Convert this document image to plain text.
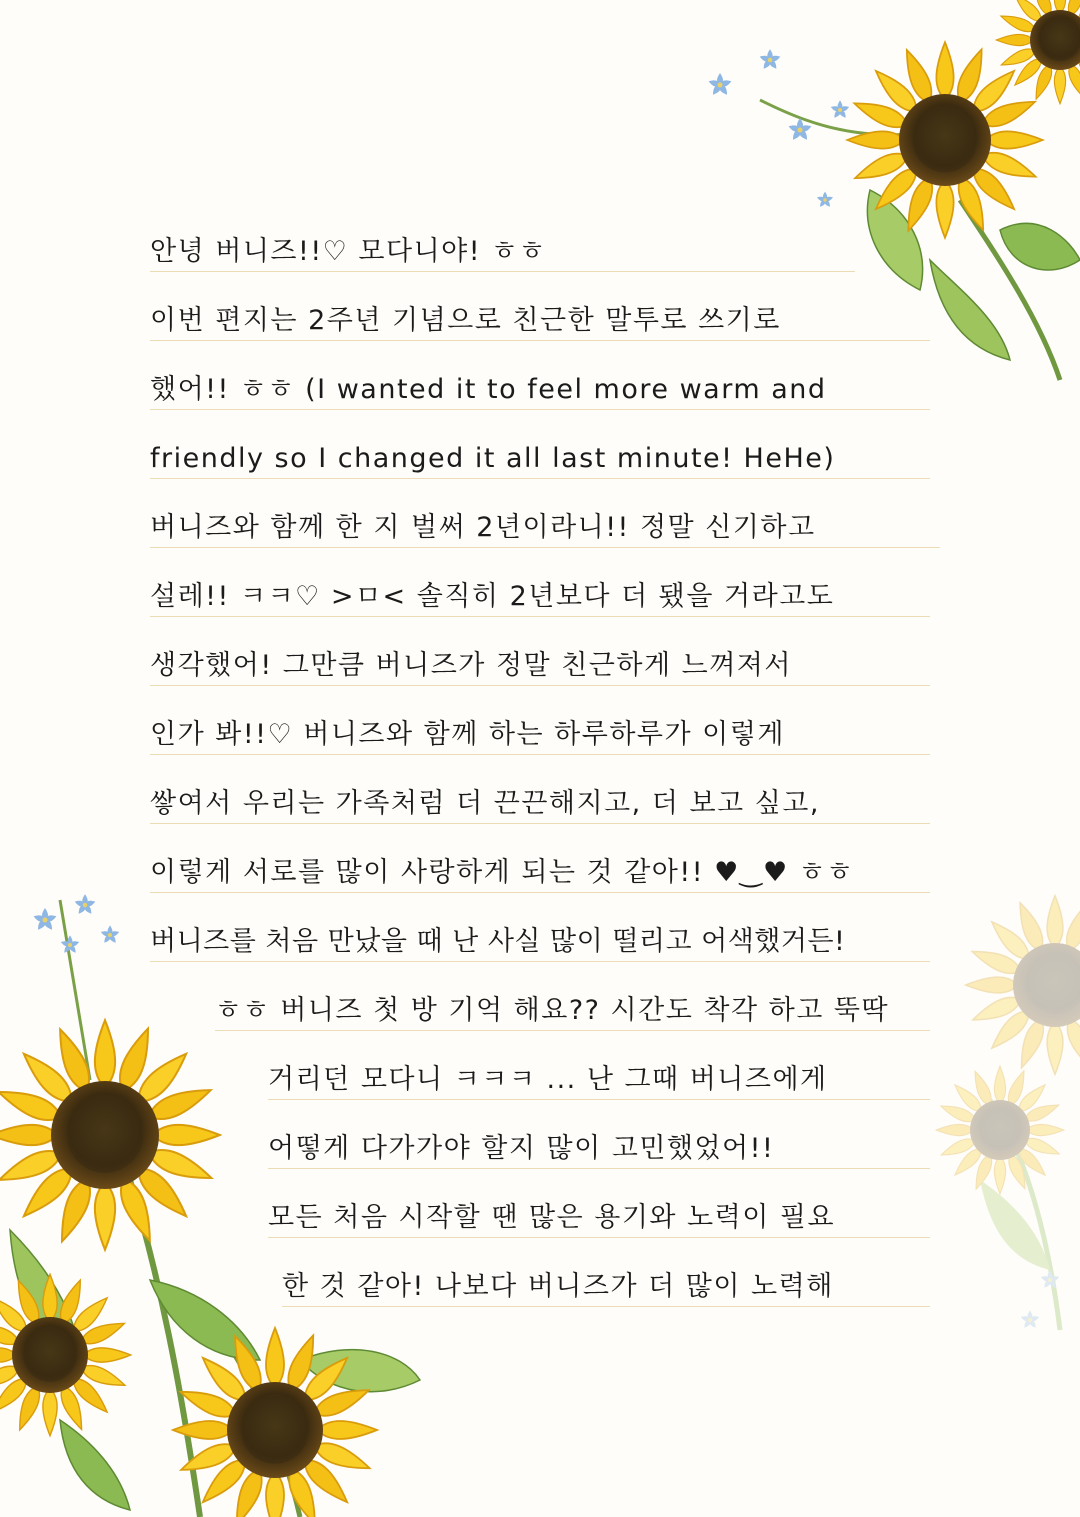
안녕 버니즈!!♡ 모다니야! ㅎㅎ
이번 편지는 2주년 기념으로 친근한 말투로 쓰기로
했어!! ㅎㅎ (I wanted it to feel more warm and
friendly so I changed it all last minute! HeHe)
버니즈와 함께 한 지 벌써 2년이라니!! 정말 신기하고
설레!! ㅋㅋ♡ >ㅁ< 솔직히 2년보다 더 됐을 거라고도
생각했어! 그만큼 버니즈가 정말 친근하게 느껴져서
인가 봐!!♡ 버니즈와 함께 하는 하루하루가 이렇게
쌓여서 우리는 가족처럼 더 끈끈해지고, 더 보고 싶고,
이렇게 서로를 많이 사랑하게 되는 것 같아!! ♥‿♥ ㅎㅎ
버니즈를 처음 만났을 때 난 사실 많이 떨리고 어색했거든!
ㅎㅎ 버니즈 첫 방 기억 해요?? 시간도 착각 하고 뚝딱
거리던 모다니 ㅋㅋㅋ ... 난 그때 버니즈에게
어떻게 다가가야 할지 많이 고민했었어!!
모든 처음 시작할 땐 많은 용기와 노력이 필요
한 것 같아! 나보다 버니즈가 더 많이 노력해
